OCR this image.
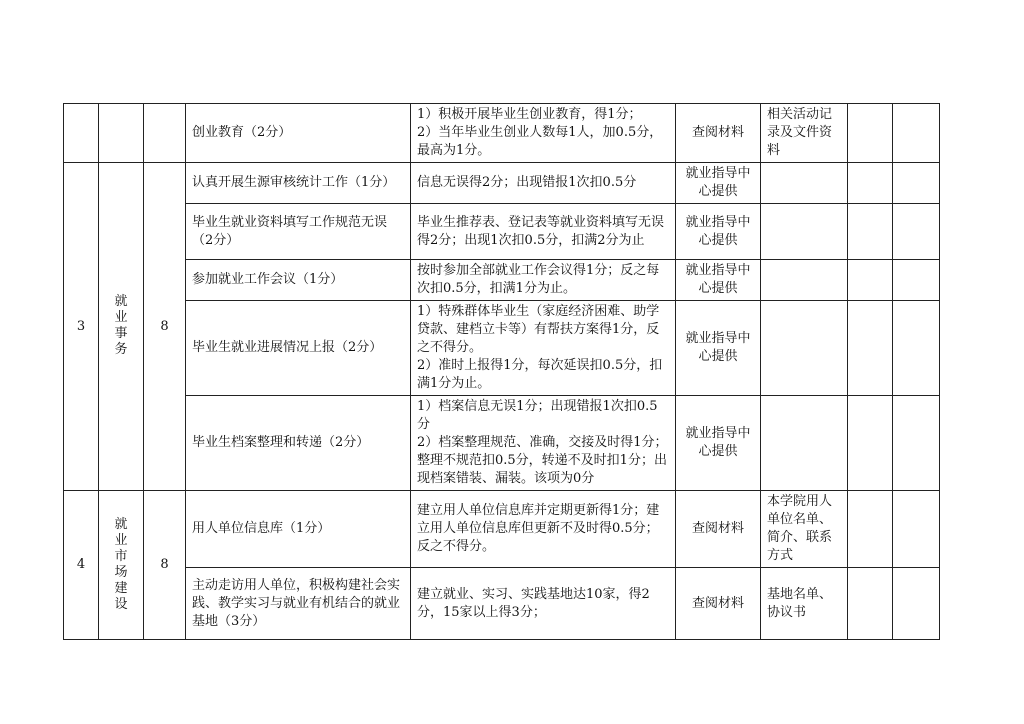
			创业教育（2分）	1）积极开展毕业生创业教育，得1分；
2）当年毕业生创业人数每1人，加0.5分，最高为1分。	查阅材料	相关活动记录及文件资料		
3	就业事务	8	认真开展生源审核统计工作（1分）	信息无误得2分；出现错报1次扣0.5分	就业指导中心提供			
			毕业生就业资料填写工作规范无误（2分）	毕业生推荐表、登记表等就业资料填写无误得2分；出现1次扣0.5分，扣满2分为止	就业指导中心提供			
			参加就业工作会议（1分）	按时参加全部就业工作会议得1分；反之每次扣0.5分，扣满1分为止。	就业指导中心提供			
			毕业生就业进展情况上报（2分）	1）特殊群体毕业生（家庭经济困难、助学贷款、建档立卡等）有帮扶方案得1分，反之不得分。
2）准时上报得1分，每次延误扣0.5分，扣满1分为止。	就业指导中心提供			
			毕业生档案整理和转递（2分）	1）档案信息无误1分；出现错报1次扣0.5分
2）档案整理规范、准确，交接及时得1分；整理不规范扣0.5分，转递不及时扣1分；出现档案错装、漏装。该项为0分	就业指导中心提供			
4	就业市场建设	8	用人单位信息库（1分）	建立用人单位信息库并定期更新得1分；建立用人单位信息库但更新不及时得0.5分；反之不得分。	查阅材料	本学院用人单位名单、简介、联系方式		
			主动走访用人单位，积极构建社会实践、教学实习与就业有机结合的就业基地（3分）	建立就业、实习、实践基地达10家，得2分，15家以上得3分；	查阅材料	基地名单、协议书		
